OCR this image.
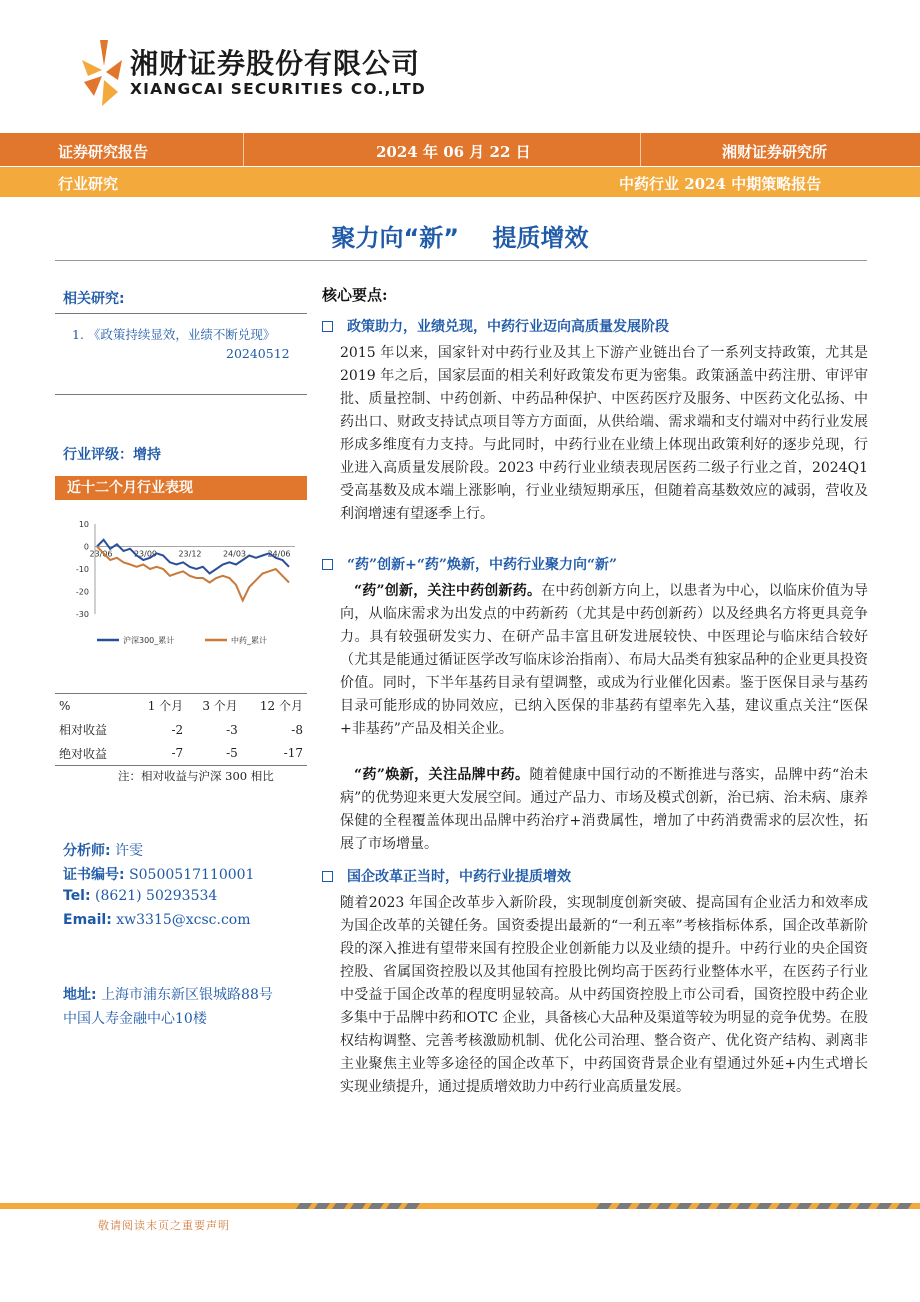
湘财证券股份有限公司
XIANGCAI SECURITIES CO.,LTD
证券研究报告	2024 年 06 月 22 日	湘财证券研究所
行业研究	中药行业 2024 中期策略报告
聚力向“新”    提质增效
相关研究:
1. 《政策持续显效，业绩不断兑现》
20240512
行业评级：增持
近十二个月行业表现
10
0
-10
-20
-30
23/06	23/09	23/12	24/03	24/06
沪深300_累计	中药_累计
%	1 个月	3 个月	12 个月
相对收益	-2	-3	-8
绝对收益	-7	-5	-17
注：相对收益与沪深 300 相比
分析师: 许雯
证书编号: S0500517110001
Tel: (8621) 50293534
Email: xw3315@xcsc.com
地址: 上海市浦东新区银城路88号
中国人寿金融中心10楼
核心要点:
政策助力，业绩兑现，中药行业迈向高质量发展阶段
2015 年以来，国家针对中药行业及其上下游产业链出台了一系列支持政策，尤其是2019 年之后，国家层面的相关利好政策发布更为密集。政策涵盖中药注册、审评审批、质量控制、中药创新、中药品种保护、中医药医疗及服务、中医药文化弘扬、中药出口、财政支持试点项目等方方面面，从供给端、需求端和支付端对中药行业发展形成多维度有力支持。与此同时，中药行业在业绩上体现出政策利好的逐步兑现，行业进入高质量发展阶段。2023 中药行业业绩表现居医药二级子行业之首，2024Q1 受高基数及成本端上涨影响，行业业绩短期承压，但随着高基数效应的减弱，营收及利润增速有望逐季上行。
“药”创新+“药”焕新，中药行业聚力向“新”
“药”创新，关注中药创新药。在中药创新方向上，以患者为中心，以临床价值为导向，从临床需求为出发点的中药新药（尤其是中药创新药）以及经典名方将更具竞争力。具有较强研发实力、在研产品丰富且研发进展较快、中医理论与临床结合较好（尤其是能通过循证医学改写临床诊治指南）、布局大品类有独家品种的企业更具投资价值。同时，下半年基药目录有望调整，或成为行业催化因素。鉴于医保目录与基药目录可能形成的协同效应，已纳入医保的非基药有望率先入基，建议重点关注“医保+非基药”产品及相关企业。
“药”焕新，关注品牌中药。随着健康中国行动的不断推进与落实，品牌中药“治未病”的优势迎来更大发展空间。通过产品力、市场及模式创新，治已病、治未病、康养保健的全程覆盖体现出品牌中药治疗+消费属性，增加了中药消费需求的层次性，拓展了市场增量。
国企改革正当时，中药行业提质增效
随着2023 年国企改革步入新阶段，实现制度创新突破、提高国有企业活力和效率成为国企改革的关键任务。国资委提出最新的“一利五率”考核指标体系，国企改革新阶段的深入推进有望带来国有控股企业创新能力以及业绩的提升。中药行业的央企国资控股、省属国资控股以及其他国有控股比例均高于医药行业整体水平，在医药子行业中受益于国企改革的程度明显较高。从中药国资控股上市公司看，国资控股中药企业多集中于品牌中药和OTC 企业，具备核心大品种及渠道等较为明显的竞争优势。在股权结构调整、完善考核激励机制、优化公司治理、整合资产、优化资产结构、剥离非主业聚焦主业等多途径的国企改革下，中药国资背景企业有望通过外延+内生式增长实现业绩提升，通过提质增效助力中药行业高质量发展。
敬请阅读末页之重要声明
